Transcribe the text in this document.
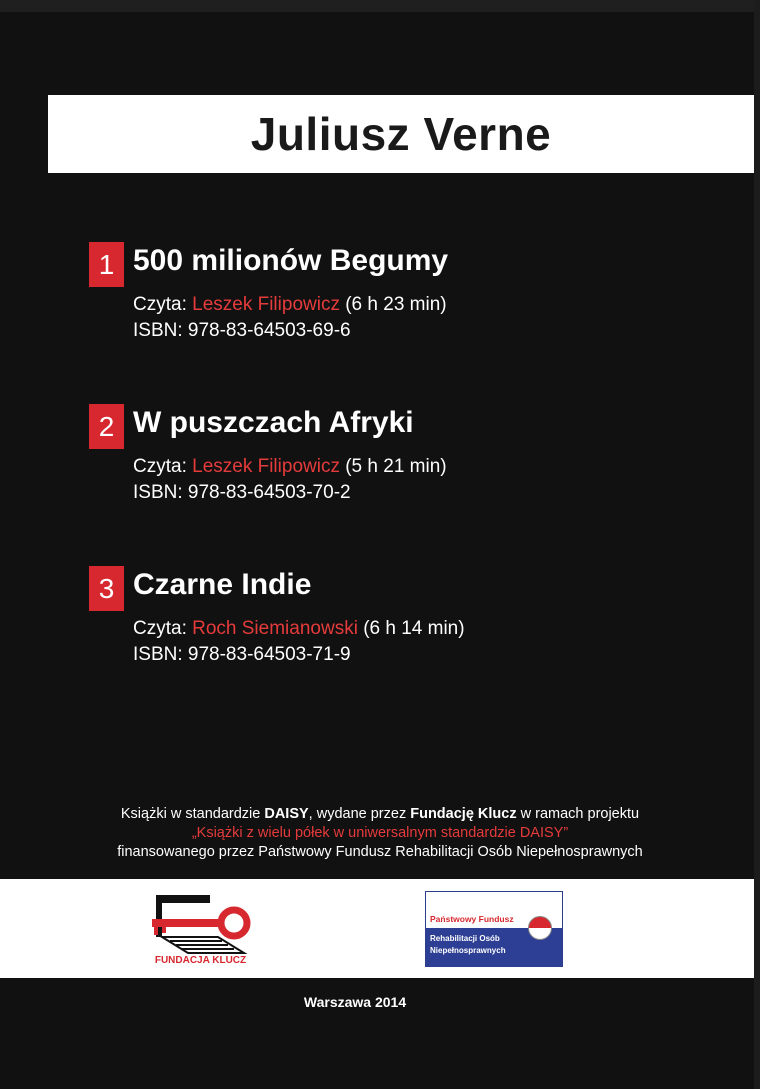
Juliusz Verne
1 500 milionów Begumy
Czyta: Leszek Filipowicz (6 h 23 min)
ISBN: 978-83-64503-69-6
2 W puszczach Afryki
Czyta: Leszek Filipowicz (5 h 21 min)
ISBN: 978-83-64503-70-2
3 Czarne Indie
Czyta: Roch Siemianowski (6 h 14 min)
ISBN: 978-83-64503-71-9
Książki w standardzie DAISY, wydane przez Fundację Klucz w ramach projektu
„Książki z wielu półek w uniwersalnym standardzie DAISY”
finansowanego przez Państwowy Fundusz Rehabilitacji Osób Niepełnosprawnych
FUNDACJA KLUCZ
Państwowy Fundusz
Rehabilitacji Osób
Niepełnosprawnych
Warszawa 2014
